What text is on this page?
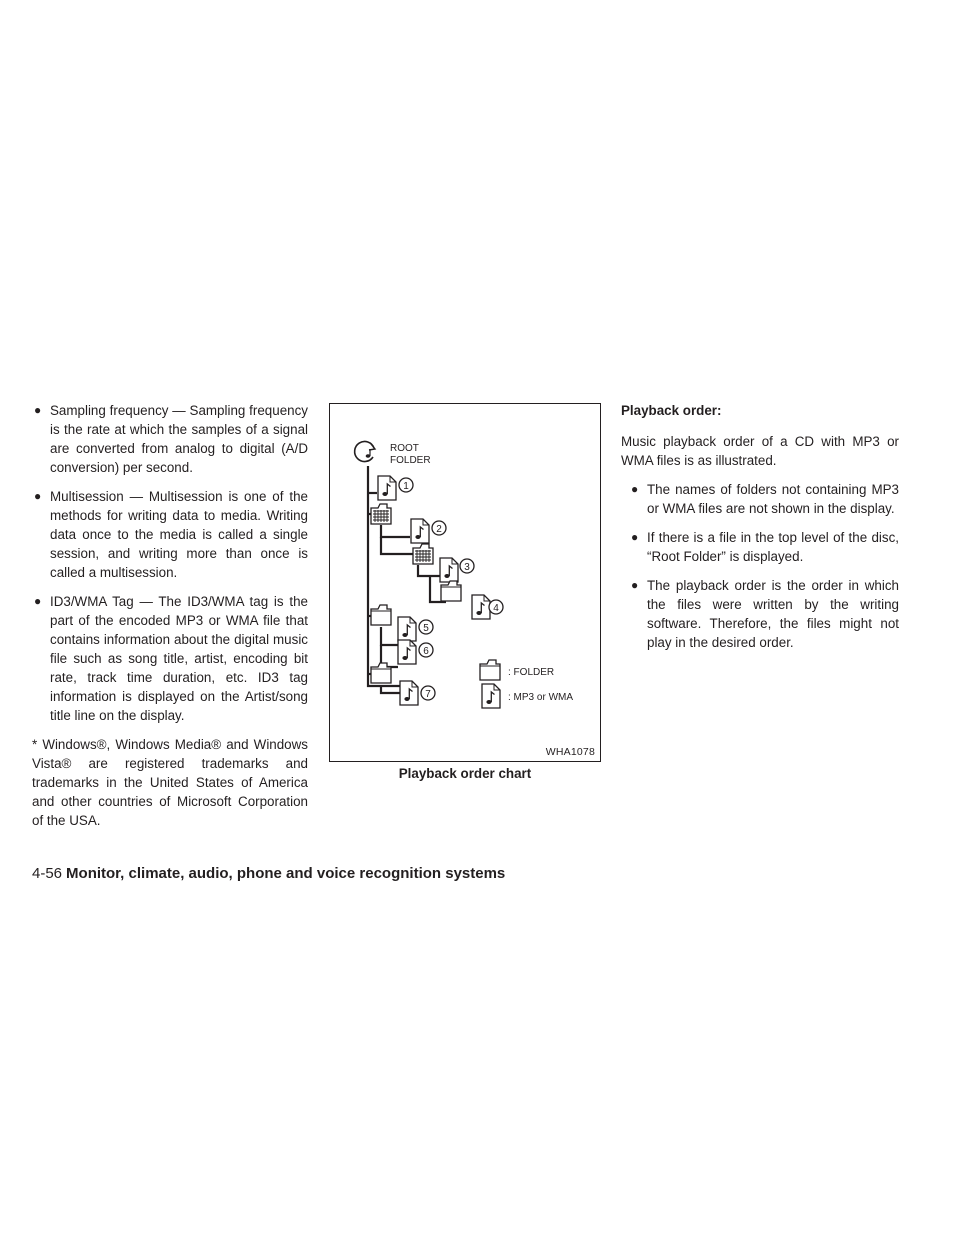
● Sampling frequency — Sampling frequency is the rate at which the samples of a signal are converted from analog to digital (A/D conversion) per second.
● Multisession — Multisession is one of the methods for writing data to media. Writing data once to the media is called a single session, and writing more than once is called a multisession.
● ID3/WMA Tag — The ID3/WMA tag is the part of the encoded MP3 or WMA file that contains information about the digital music file such as song title, artist, encoding bit rate, track time duration, etc. ID3 tag information is displayed on the Artist/song title line on the display.

* Windows®, Windows Media® and Windows Vista® are registered trademarks and trademarks in the United States of America and other countries of Microsoft Corporation of the USA.

ROOT
FOLDER
1
2
3
4
5
6
7
: FOLDER
: MP3 or WMA
WHA1078
Playback order chart
Playback order:

Music playback order of a CD with MP3 or WMA files is as illustrated.

● The names of folders not containing MP3 or WMA files are not shown in the display.
● If there is a file in the top level of the disc, “Root Folder” is displayed.
● The playback order is the order in which the files were written by the writing software. Therefore, the files might not play in the desired order.
4-56 Monitor, climate, audio, phone and voice recognition systems
